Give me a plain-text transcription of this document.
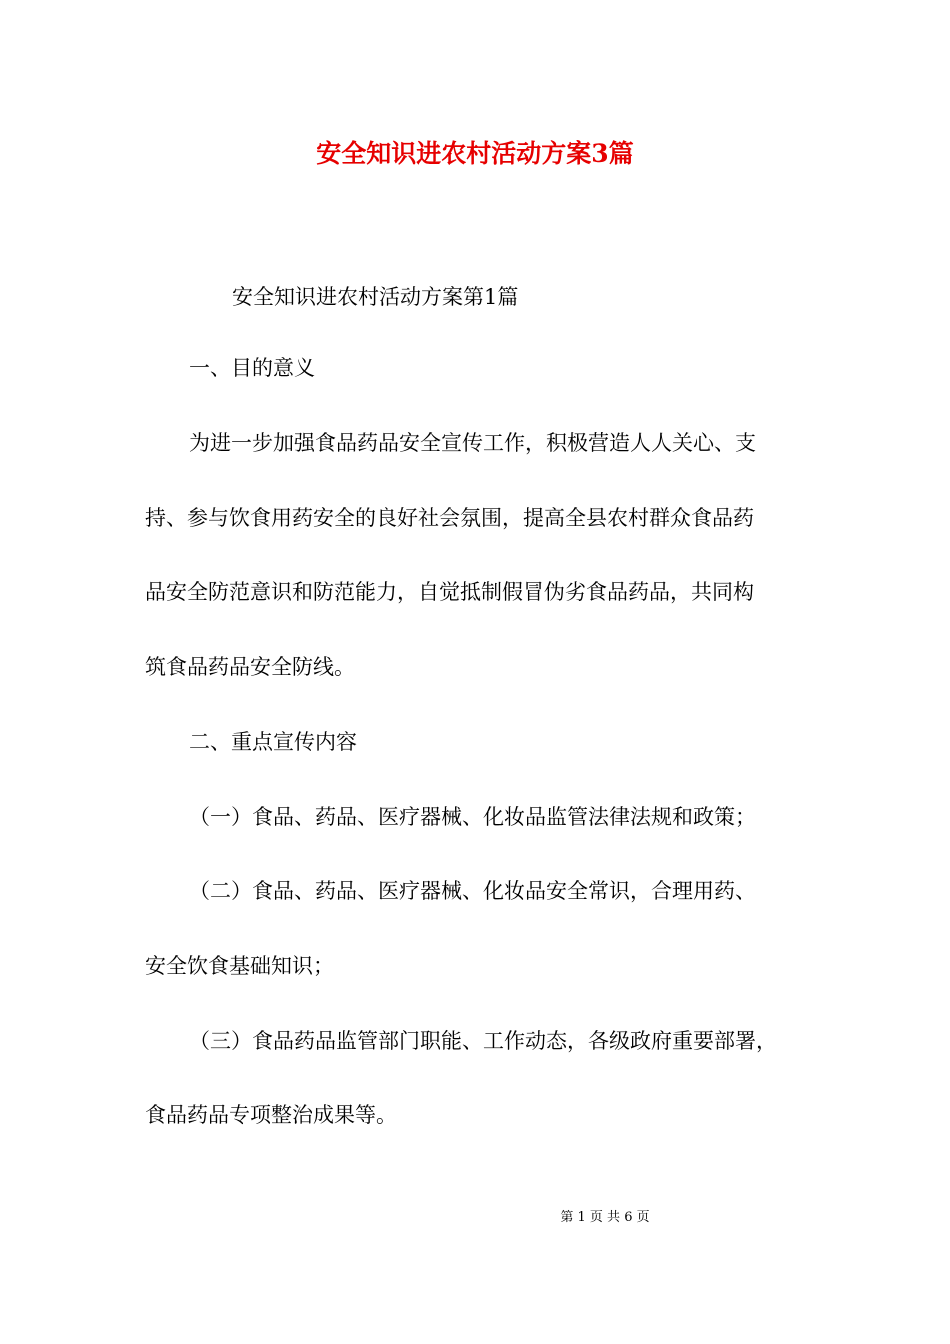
安全知识进农村活动方案3篇
安全知识进农村活动方案第1篇
一、目的意义
为进一步加强食品药品安全宣传工作，积极营造人人关心、支
持、参与饮食用药安全的良好社会氛围，提高全县农村群众食品药
品安全防范意识和防范能力，自觉抵制假冒伪劣食品药品，共同构
筑食品药品安全防线。
二、重点宣传内容
（一）食品、药品、医疗器械、化妆品监管法律法规和政策；
（二）食品、药品、医疗器械、化妆品安全常识，合理用药、
安全饮食基础知识；
（三）食品药品监管部门职能、工作动态，各级政府重要部署，
食品药品专项整治成果等。
第 1 页 共 6 页
